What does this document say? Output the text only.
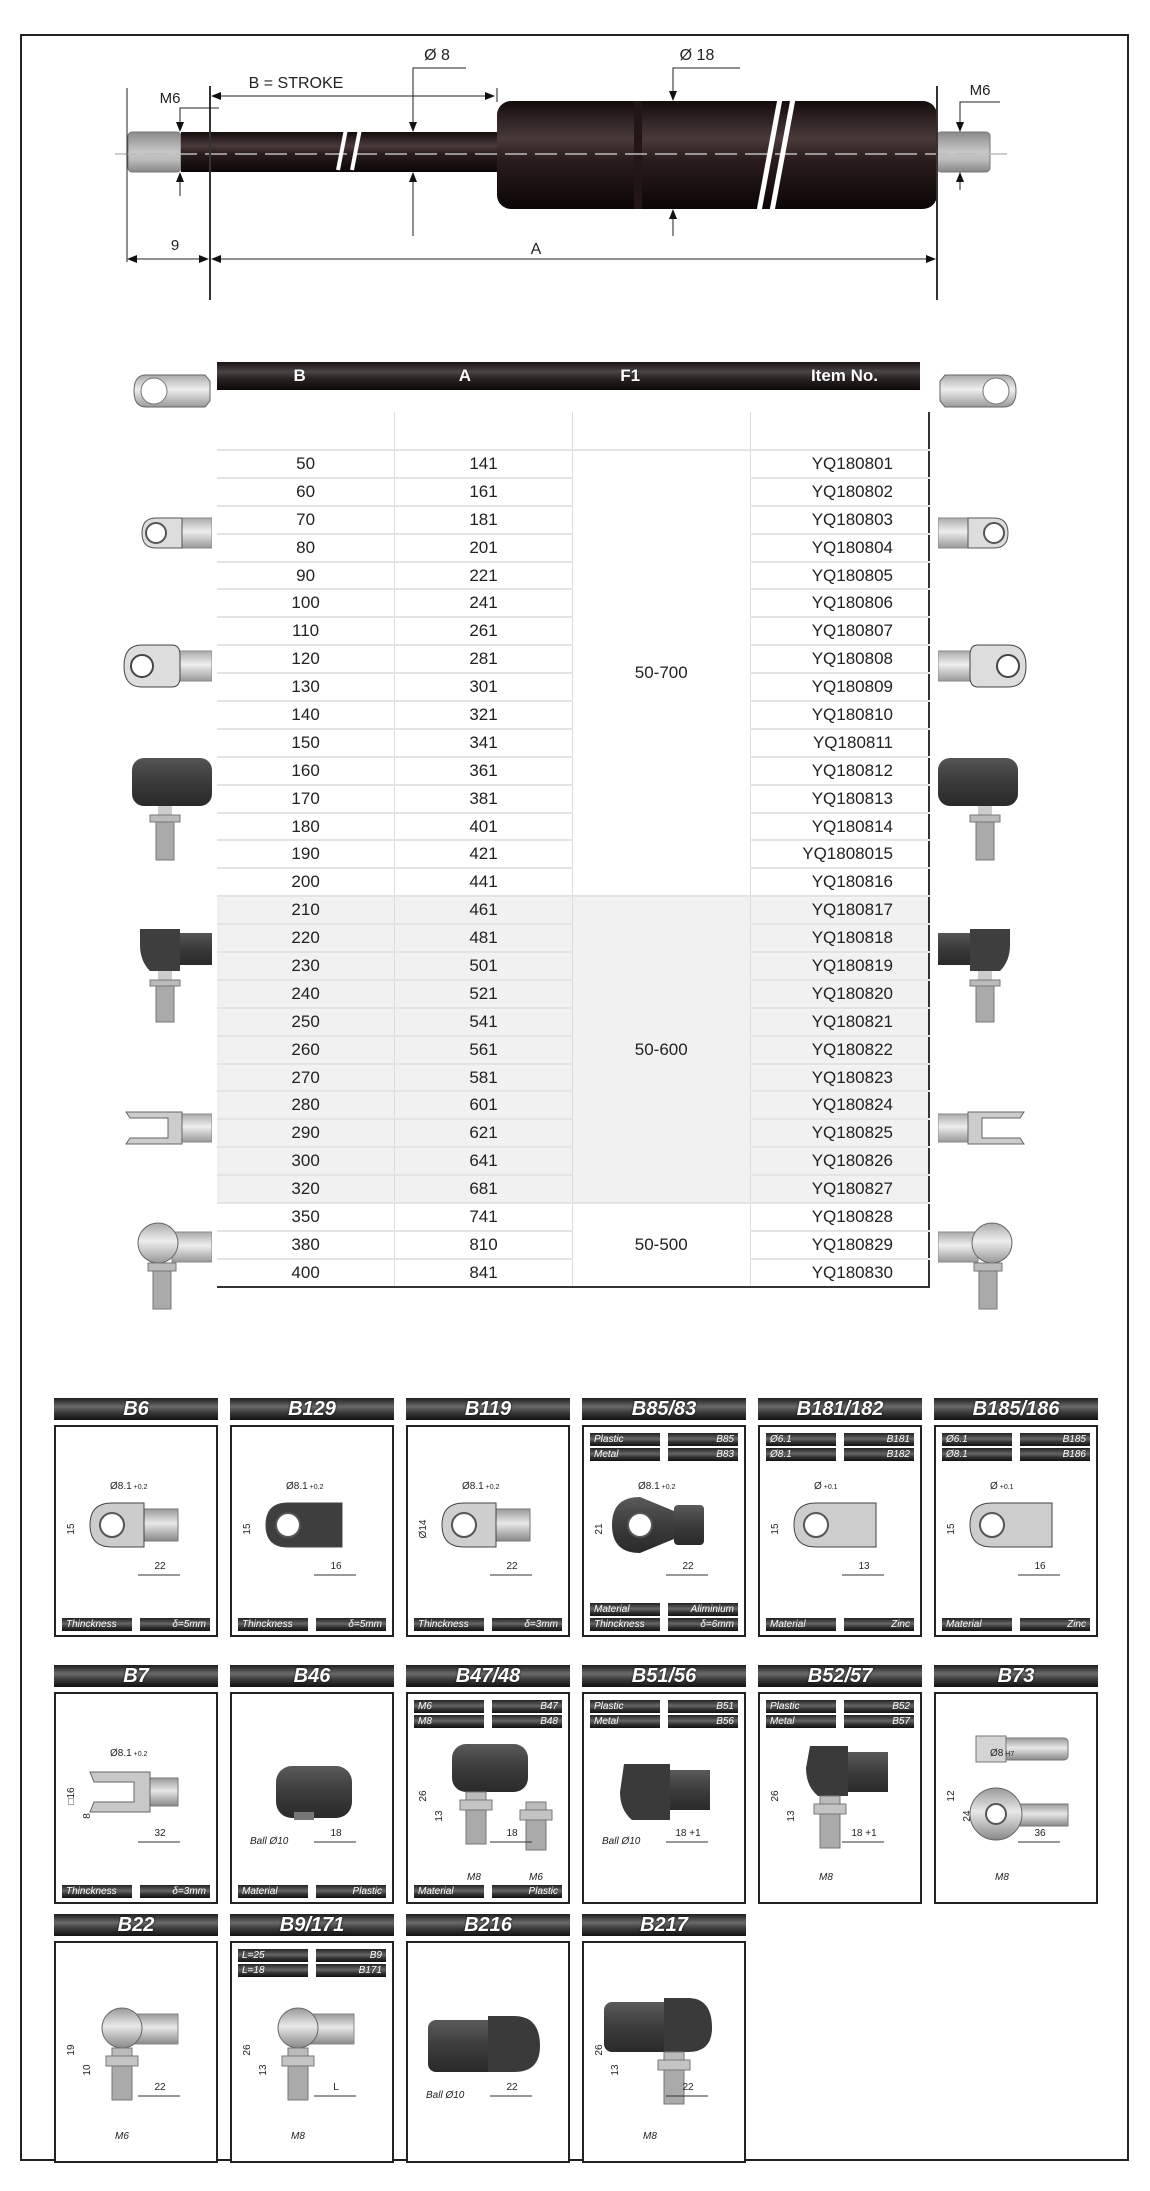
M6
B = STROKE
Ø 8	Ø 18
M6
9	A
B	A	F1	Item No.

50	141	50-700	YQ180801
60	161		YQ180802
70	181		YQ180803
80	201		YQ180804
90	221		YQ180805
100	241		YQ180806
110	261		YQ180807
120	281		YQ180808
130	301		YQ180809
140	321		YQ180810
150	341		YQ180811
160	361		YQ180812
170	381		YQ180813
180	401		YQ180814
190	421		YQ1808015
200	441		YQ180816
210	461	50-600	YQ180817
220	481		YQ180818
230	501		YQ180819
240	521		YQ180820
250	541		YQ180821
260	561		YQ180822
270	581		YQ180823
280	601		YQ180824
290	621		YQ180825
300	641		YQ180826
320	681		YQ180827
350	741	50-500	YQ180828
380	810		YQ180829
400	841		YQ180830
B6
Ø8.1 +0.2
15
22
Thinckness	δ=5mm
B129
Ø8.1 +0.2
15
16
Thinckness	δ=5mm
B119
Ø8.1 +0.2
Ø14
22
Thinckness	δ=3mm
B85/83
Ø8.1 +0.2
21
22
Plastic	B85
Metal	B83
Material	Aliminium
Thinckness	δ=6mm
B181/182
Ø +0.1
15
13
Ø6.1	B181
Ø8.1	B182
Material	Zinc
B185/186
Ø +0.1
15
16
Ø6.1	B185
Ø8.1	B186
Material	Zinc
B7
Ø8.1 +0.2
□16
8
32
Thinckness	δ=3mm
B46
18
Ball Ø10
Material	Plastic
B47/48
26
13
18
M8	M6
M6	B47
M8	B48
Material	Plastic
B51/56
18 +1
Ball Ø10
Plastic	B51
Metal	B56
B52/57
26
13
18 +1
M8
Plastic	B52
Metal	B57
B73
Ø8 H7
12
24
36
M8
B22
19
10
22
M6
B9/171
26
13
L
M8
L=25	B9
L=18	B171
B216
22
Ball Ø10
B217
26
13
22
M8
